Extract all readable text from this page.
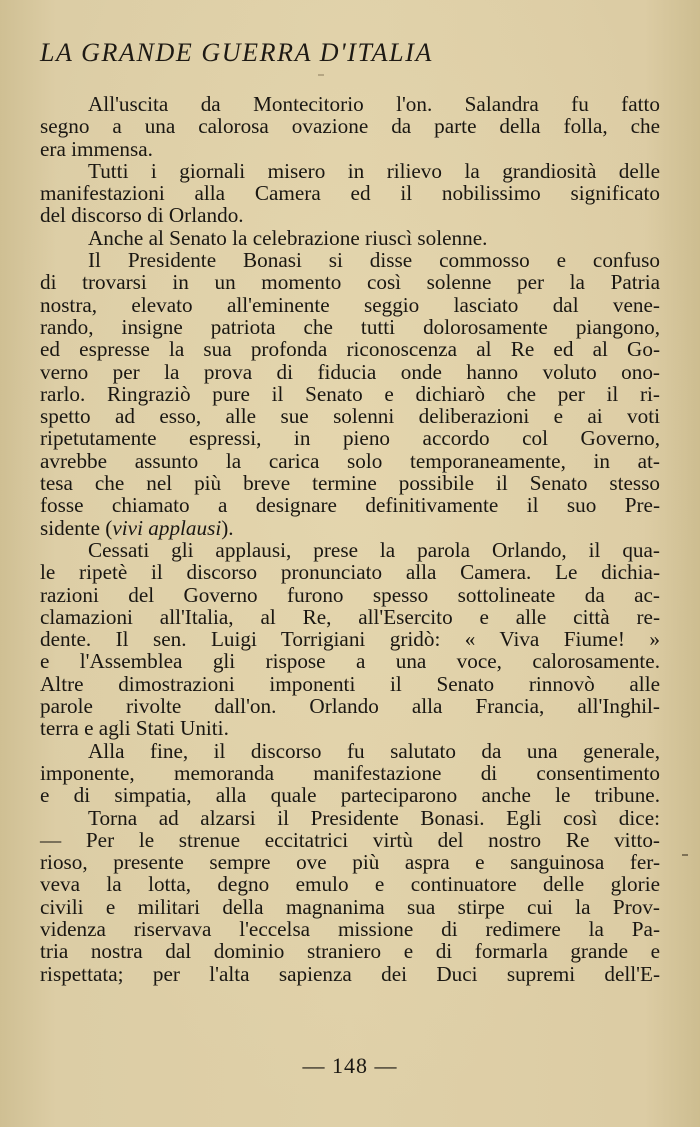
LA GRANDE GUERRA D'ITALIA
All'uscita da Montecitorio l'on. Salandra fu fatto
segno a una calorosa ovazione da parte della folla, che
era immensa.
Tutti i giornali misero in rilievo la grandiosità delle
manifestazioni alla Camera ed il nobilissimo significato
del discorso di Orlando.
Anche al Senato la celebrazione riuscì solenne.
Il Presidente Bonasi si disse commosso e confuso
di trovarsi in un momento così solenne per la Patria
nostra, elevato all'eminente seggio lasciato dal vene-
rando, insigne patriota che tutti dolorosamente piangono,
ed espresse la sua profonda riconoscenza al Re ed al Go-
verno per la prova di fiducia onde hanno voluto ono-
rarlo. Ringraziò pure il Senato e dichiarò che per il ri-
spetto ad esso, alle sue solenni deliberazioni e ai voti
ripetutamente espressi, in pieno accordo col Governo,
avrebbe assunto la carica solo temporaneamente, in at-
tesa che nel più breve termine possibile il Senato stesso
fosse chiamato a designare definitivamente il suo Pre-
sidente (vivi applausi).
Cessati gli applausi, prese la parola Orlando, il qua-
le ripetè il discorso pronunciato alla Camera. Le dichia-
razioni del Governo furono spesso sottolineate da ac-
clamazioni all'Italia, al Re, all'Esercito e alle città re-
dente. Il sen. Luigi Torrigiani gridò: « Viva Fiume! »
e l'Assemblea gli rispose a una voce, calorosamente.
Altre dimostrazioni imponenti il Senato rinnovò alle
parole rivolte dall'on. Orlando alla Francia, all'Inghil-
terra e agli Stati Uniti.
Alla fine, il discorso fu salutato da una generale,
imponente, memoranda manifestazione di consentimento
e di simpatia, alla quale parteciparono anche le tribune.
Torna ad alzarsi il Presidente Bonasi. Egli così dice:
— Per le strenue eccitatrici virtù del nostro Re vitto-
rioso, presente sempre ove più aspra e sanguinosa fer-
veva la lotta, degno emulo e continuatore delle glorie
civili e militari della magnanima sua stirpe cui la Prov-
videnza riservava l'eccelsa missione di redimere la Pa-
tria nostra dal dominio straniero e di formarla grande e
rispettata; per l'alta sapienza dei Duci supremi dell'E-
— 148 —
